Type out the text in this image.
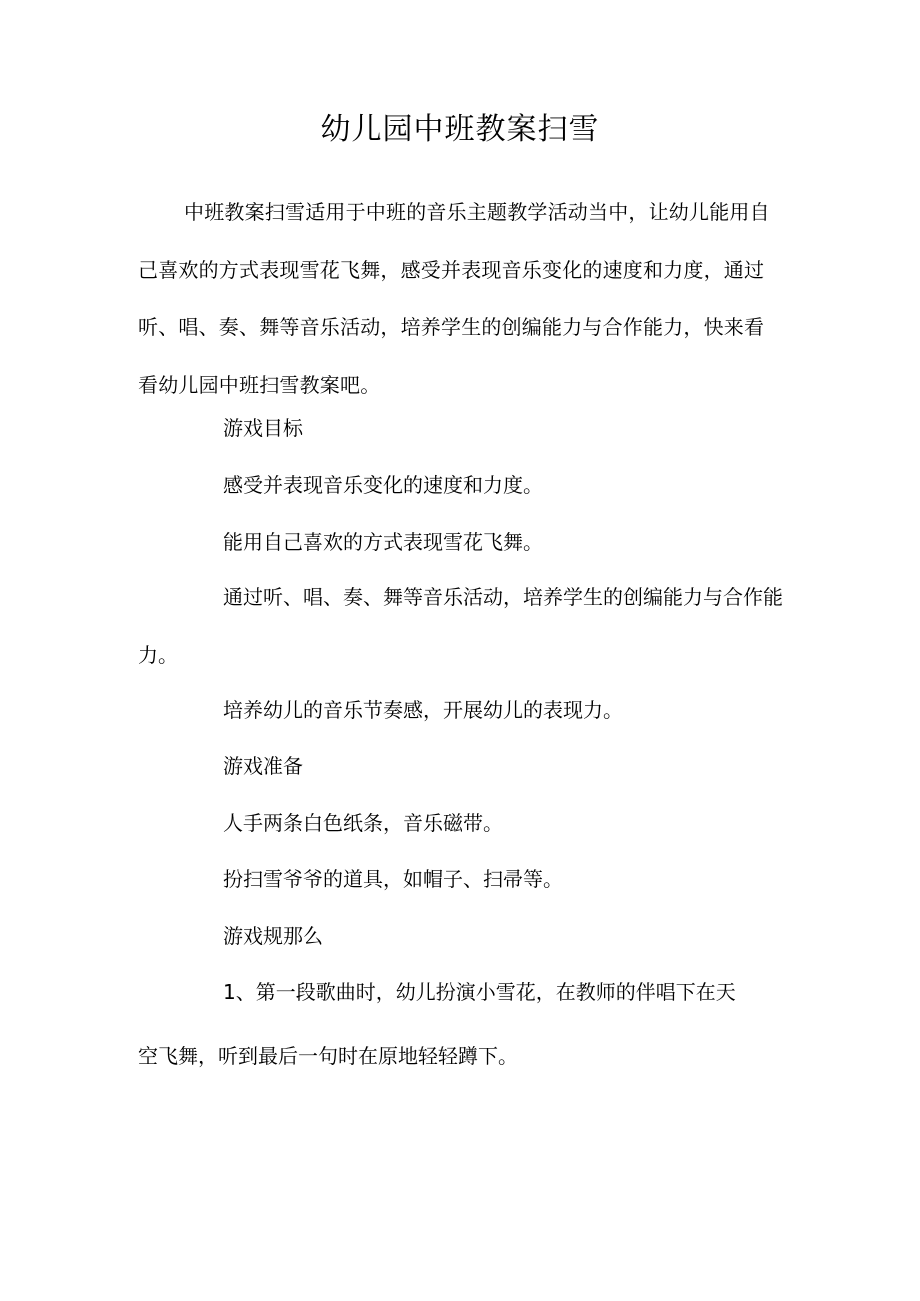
幼儿园中班教案扫雪
中班教案扫雪适用于中班的音乐主题教学活动当中，让幼儿能用自
己喜欢的方式表现雪花飞舞，感受并表现音乐变化的速度和力度，通过
听、唱、奏、舞等音乐活动，培养学生的创编能力与合作能力，快来看
看幼儿园中班扫雪教案吧。

游戏目标

感受并表现音乐变化的速度和力度。

能用自己喜欢的方式表现雪花飞舞。

通过听、唱、奏、舞等音乐活动，培养学生的创编能力与合作能
力。

培养幼儿的音乐节奏感，开展幼儿的表现力。

游戏准备

人手两条白色纸条，音乐磁带。

扮扫雪爷爷的道具，如帽子、扫帚等。

游戏规那么

1、第一段歌曲时，幼儿扮演小雪花，在教师的伴唱下在天
空飞舞，听到最后一句时在原地轻轻蹲下。
